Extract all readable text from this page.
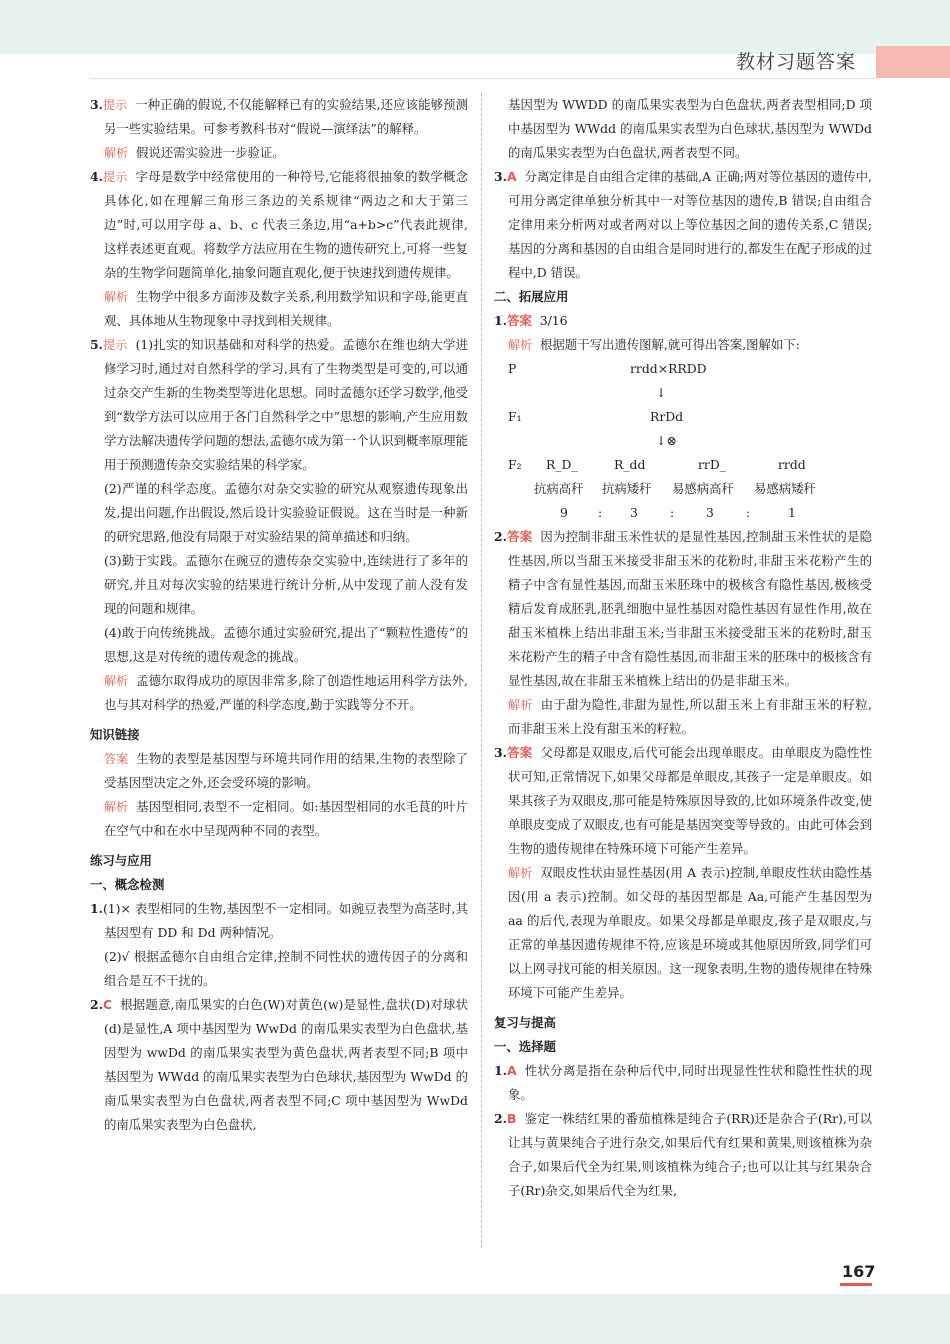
教材习题答案

3.提示 一种正确的假说,不仅能解释已有的实验结果,还应该能够预测另一些实验结果。可参考教科书对“假说—演绎法”的解释。

解析 假说还需实验进一步验证。

4.提示 字母是数学中经常使用的一种符号,它能将很抽象的数学概念具体化,如在理解三角形三条边的关系规律“两边之和大于第三边”时,可以用字母 a、b、c 代表三条边,用“a+b>c”代表此规律,这样表述更直观。将数学方法应用在生物的遗传研究上,可将一些复杂的生物学问题简单化,抽象问题直观化,便于快速找到遗传规律。

解析 生物学中很多方面涉及数字关系,利用数学知识和字母,能更直观、具体地从生物现象中寻找到相关规律。

5.提示 (1)扎实的知识基础和对科学的热爱。孟德尔在维也纳大学进修学习时,通过对自然科学的学习,具有了生物类型是可变的,可以通过杂交产生新的生物类型等进化思想。同时孟德尔还学习数学,他受到“数学方法可以应用于各门自然科学之中”思想的影响,产生应用数学方法解决遗传学问题的想法,孟德尔成为第一个认识到概率原理能用于预测遗传杂交实验结果的科学家。

(2)严谨的科学态度。孟德尔对杂交实验的研究从观察遗传现象出发,提出问题,作出假设,然后设计实验验证假说。这在当时是一种新的研究思路,他没有局限于对实验结果的简单描述和归纳。

(3)勤于实践。孟德尔在豌豆的遗传杂交实验中,连续进行了多年的研究,并且对每次实验的结果进行统计分析,从中发现了前人没有发现的问题和规律。

(4)敢于向传统挑战。孟德尔通过实验研究,提出了“颗粒性遗传”的思想,这是对传统的遗传观念的挑战。

解析 孟德尔取得成功的原因非常多,除了创造性地运用科学方法外,也与其对科学的热爱,严谨的科学态度,勤于实践等分不开。

知识链接

答案 生物的表型是基因型与环境共同作用的结果,生物的表型除了受基因型决定之外,还会受环境的影响。

解析 基因型相同,表型不一定相同。如:基因型相同的水毛茛的叶片在空气中和在水中呈现两种不同的表型。

练习与应用

一、概念检测

1.(1)× 表型相同的生物,基因型不一定相同。如豌豆表型为高茎时,其基因型有 DD 和 Dd 两种情况。

(2)√ 根据孟德尔自由组合定律,控制不同性状的遗传因子的分离和组合是互不干扰的。

2.C 根据题意,南瓜果实的白色(W)对黄色(w)是显性,盘状(D)对球状(d)是显性,A 项中基因型为 WwDd 的南瓜果实表型为白色盘状,基因型为 wwDd 的南瓜果实表型为黄色盘状,两者表型不同;B 项中基因型为 WWdd 的南瓜果实表型为白色球状,基因型为 WwDd 的南瓜果实表型为白色盘状,两者表型不同;C 项中基因型为 WwDd 的南瓜果实表型为白色盘状,

基因型为 WWDD 的南瓜果实表型为白色盘状,两者表型相同;D 项中基因型为 WWdd 的南瓜果实表型为白色球状,基因型为 WWDd 的南瓜果实表型为白色盘状,两者表型不同。

3.A 分离定律是自由组合定律的基础,A 正确;两对等位基因的遗传中,可用分离定律单独分析其中一对等位基因的遗传,B 错误;自由组合定律用来分析两对或者两对以上等位基因之间的遗传关系,C 错误;基因的分离和基因的自由组合是同时进行的,都发生在配子形成的过程中,D 错误。

二、拓展应用

1.答案 3/16

解析 根据题干写出遗传图解,就可得出答案,图解如下:

P	rrdd×RRDD
↓
F₁	RrDd
↓⊗
F₂ R_D_	R_dd	rrD_	rrdd
抗病高秆 抗病矮秆 易感病高秆 易感病矮秆
9 : 3	:	3	:	1

2.答案 因为控制非甜玉米性状的是显性基因,控制甜玉米性状的是隐性基因,所以当甜玉米接受非甜玉米的花粉时,非甜玉米花粉产生的精子中含有显性基因,而甜玉米胚珠中的极核含有隐性基因,极核受精后发育成胚乳,胚乳细胞中显性基因对隐性基因有显性作用,故在甜玉米植株上结出非甜玉米;当非甜玉米接受甜玉米的花粉时,甜玉米花粉产生的精子中含有隐性基因,而非甜玉米的胚珠中的极核含有显性基因,故在非甜玉米植株上结出的仍是非甜玉米。

解析 由于甜为隐性,非甜为显性,所以甜玉米上有非甜玉米的籽粒,而非甜玉米上没有甜玉米的籽粒。

3.答案 父母都是双眼皮,后代可能会出现单眼皮。由单眼皮为隐性性状可知,正常情况下,如果父母都是单眼皮,其孩子一定是单眼皮。如果其孩子为双眼皮,那可能是特殊原因导致的,比如环境条件改变,使单眼皮变成了双眼皮,也有可能是基因突变等导致的。由此可体会到生物的遗传规律在特殊环境下可能产生差异。

解析 双眼皮性状由显性基因(用 A 表示)控制,单眼皮性状由隐性基因(用 a 表示)控制。如父母的基因型都是 Aa,可能产生基因型为 aa 的后代,表现为单眼皮。如果父母都是单眼皮,孩子是双眼皮,与正常的单基因遗传规律不符,应该是环境或其他原因所致,同学们可以上网寻找可能的相关原因。这一现象表明,生物的遗传规律在特殊环境下可能产生差异。

复习与提高

一、选择题

1.A 性状分离是指在杂种后代中,同时出现显性性状和隐性性状的现象。

2.B 鉴定一株结红果的番茄植株是纯合子(RR)还是杂合子(Rr),可以让其与黄果纯合子进行杂交,如果后代有红果和黄果,则该植株为杂合子,如果后代全为红果,则该植株为纯合子;也可以让其与红果杂合子(Rr)杂交,如果后代全为红果,

167
